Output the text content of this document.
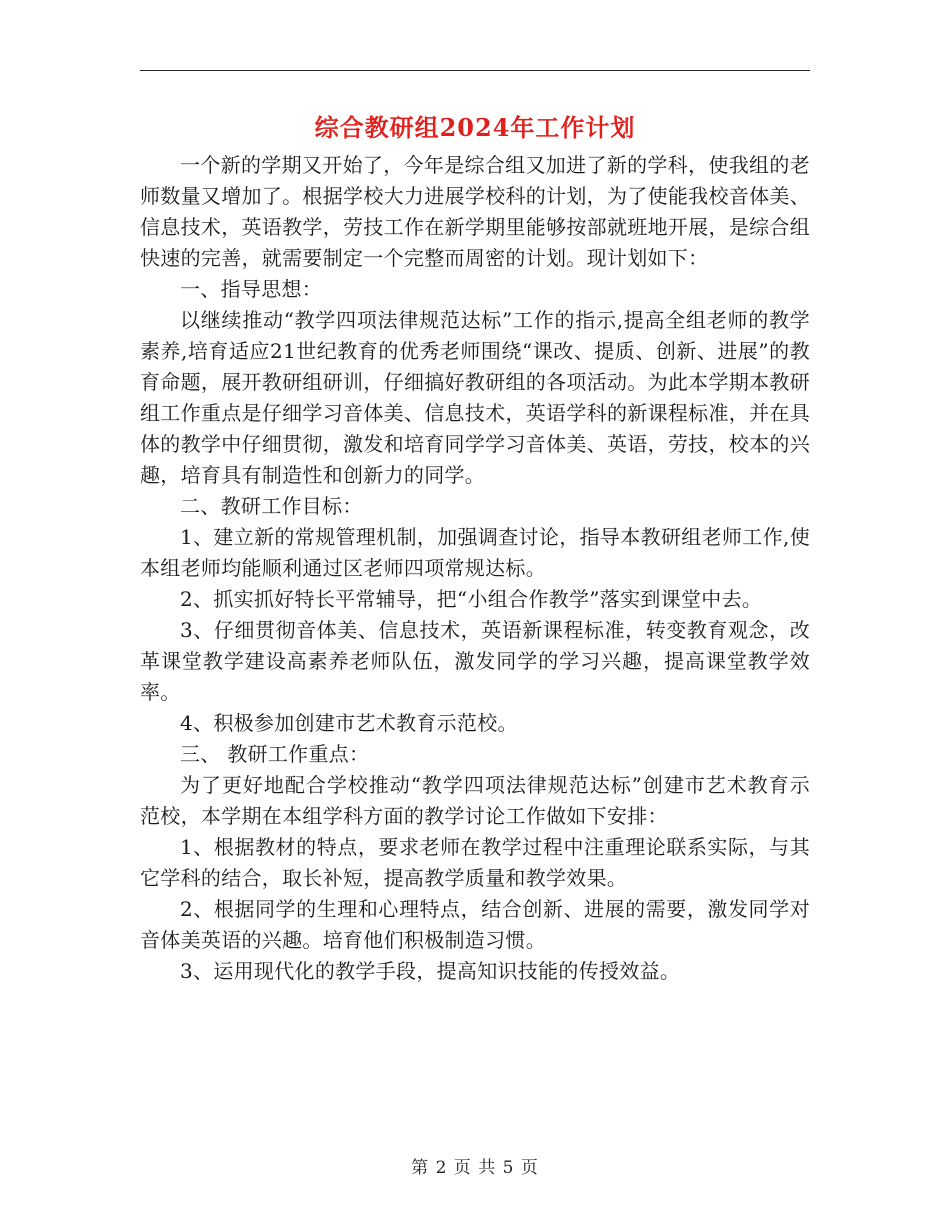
综合教研组2024年工作计划

一个新的学期又开始了，今年是综合组又加进了新的学科，使我组的老师数量又增加了。根据学校大力进展学校科的计划，为了使能我校音体美、信息技术，英语教学，劳技工作在新学期里能够按部就班地开展，是综合组快速的完善，就需要制定一个完整而周密的计划。现计划如下：

一、指导思想：

以继续推动“教学四项法律规范达标”工作的指示,提高全组老师的教学素养,培育适应21世纪教育的优秀老师围绕“课改、提质、创新、进展”的教育命题，展开教研组研训，仔细搞好教研组的各项活动。为此本学期本教研组工作重点是仔细学习音体美、信息技术，英语学科的新课程标准，并在具体的教学中仔细贯彻，激发和培育同学学习音体美、英语，劳技，校本的兴趣，培育具有制造性和创新力的同学。

二、教研工作目标：

1、建立新的常规管理机制，加强调查讨论，指导本教研组老师工作,使本组老师均能顺利通过区老师四项常规达标。

2、抓实抓好特长平常辅导，把“小组合作教学”落实到课堂中去。

3、仔细贯彻音体美、信息技术，英语新课程标准，转变教育观念，改革课堂教学建设高素养老师队伍，激发同学的学习兴趣，提高课堂教学效率。

4、积极参加创建市艺术教育示范校。

三、 教研工作重点：

为了更好地配合学校推动“教学四项法律规范达标”创建市艺术教育示范校，本学期在本组学科方面的教学讨论工作做如下安排：

1、根据教材的特点，要求老师在教学过程中注重理论联系实际，与其它学科的结合，取长补短，提高教学质量和教学效果。

2、根据同学的生理和心理特点，结合创新、进展的需要，激发同学对音体美英语的兴趣。培育他们积极制造习惯。

3、运用现代化的教学手段，提高知识技能的传授效益。

第 2 页 共 5 页
